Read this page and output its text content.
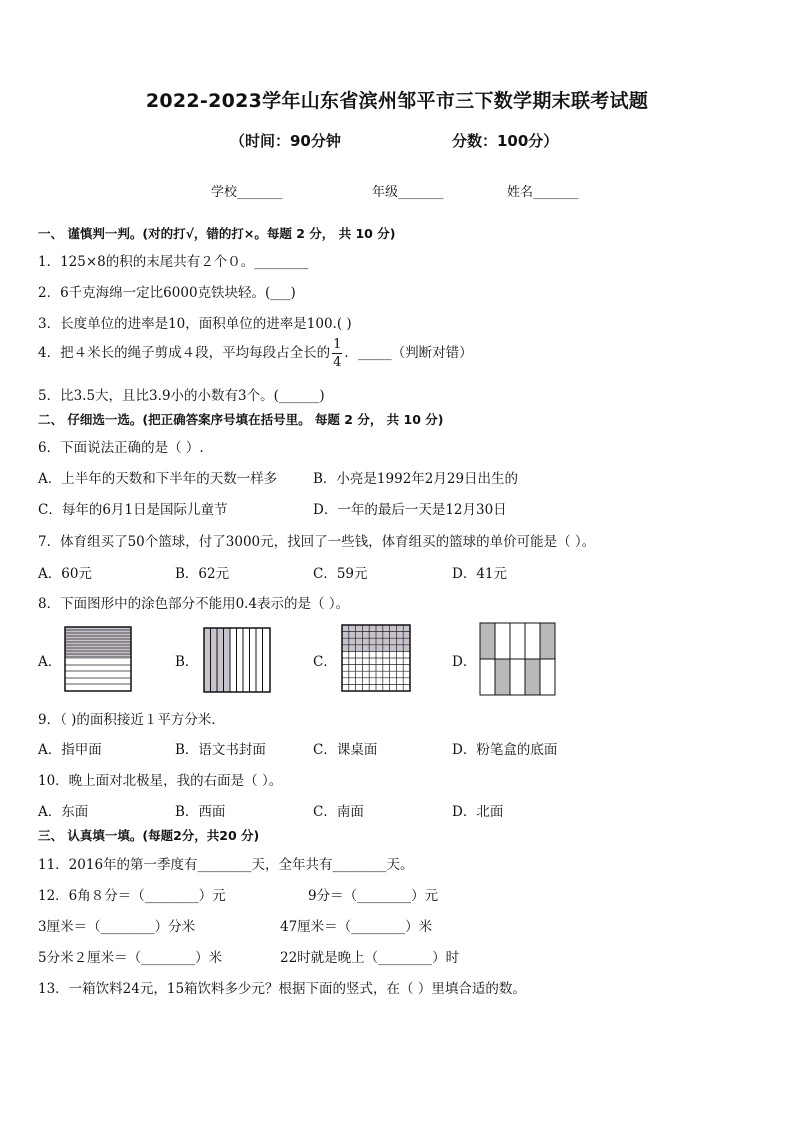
2022-2023学年山东省滨州邹平市三下数学期末联考试题
（时间：90分钟	分数：100分）
学校_______	年级_______	姓名_______
一、 谨慎判一判。(对的打√，错的打×。每题 2 分， 共 10 分)
1．125×8的积的末尾共有２个０。________
2．6千克海绵一定比6000克铁块轻。(___)
3．长度单位的进率是10，面积单位的进率是100.( )
4．把４米长的绳子剪成４段，平均每段占全长的 $\frac{1}{4}$ ．_____（判断对错）
5．比3.5大，且比3.9小的小数有3个。(______)
二、 仔细选一选。(把正确答案序号填在括号里。 每题 2 分， 共 10 分)
6．下面说法正确的是（ ）.
A．上半年的天数和下半年的天数一样多	B．小亮是1992年2月29日出生的
C．每年的6月1日是国际儿童节	D．一年的最后一天是12月30日
7．体育组买了50个篮球，付了3000元，找回了一些钱，体育组买的篮球的单价可能是（ ）。
A．60元	B．62元	C．59元	D．41元
8．下面图形中的涂色部分不能用0.4表示的是（ ）。
A．	B．	C．	D．
9．（ )的面积接近１平方分米．
A．指甲面	B．语文书封面	C．课桌面	D．粉笔盒的底面
10．晚上面对北极星，我的右面是（ ）。
A．东面	B．西面	C．南面	D．北面
三、 认真填一填。(每题2分，共20 分)
11．2016年的第一季度有________天，全年共有________天。
12．6角８分＝（________）元	9分＝（________）元
3厘米＝（________）分米	47厘米＝（________）米
5分米２厘米＝（________）米	22时就是晚上（________）时
13．一箱饮料24元，15箱饮料多少元？根据下面的竖式，在（ ）里填合适的数。
